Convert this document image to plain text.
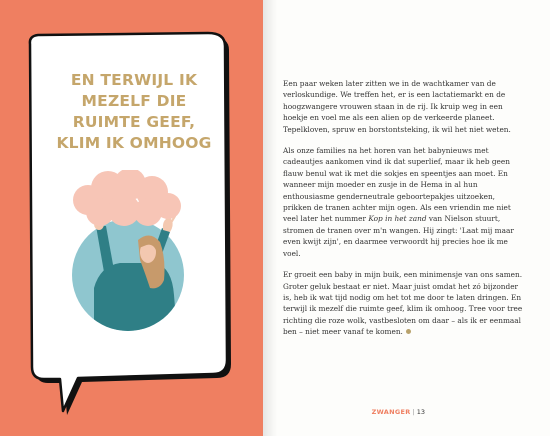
EN TERWIJL IK
MEZELF DIE
RUIMTE GEEF,
KLIM IK OMHOOG

Een paar weken later zitten we in de wachtkamer van de verloskundige. We treffen het, er is een lactatiemarkt en de hoogzwangere vrouwen staan in de rij. Ik kruip weg in een hoekje en voel me als een alien op de verkeerde planeet. Tepelkloven, spruw en borstontsteking, ik wil het niet weten.

Als onze families na het horen van het babynieuws met cadeautjes aankomen vind ik dat superlief, maar ik heb geen flauw benul wat ik met die sokjes en speentjes aan moet. En wanneer mijn moeder en zusje in de Hema in al hun enthousiasme genderneutrale geboortepakjes uitzoeken, prikken de tranen achter mijn ogen. Als een vriendin me niet veel later het nummer Kop in het zand van Nielson stuurt, stromen de tranen over m'n wangen. Hij zingt: 'Laat mij maar even kwijt zijn', en daarmee verwoordt hij precies hoe ik me voel.

Er groeit een baby in mijn buik, een minimensje van ons samen. Groter geluk bestaat er niet. Maar juist omdat het zó bijzonder is, heb ik wat tijd nodig om het tot me door te laten dringen. En terwijl ik mezelf die ruimte geef, klim ik omhoog. Tree voor tree richting die roze wolk, vastbesloten om daar – als ik er eenmaal ben – niet meer vanaf te komen.

ZWANGER | 13
